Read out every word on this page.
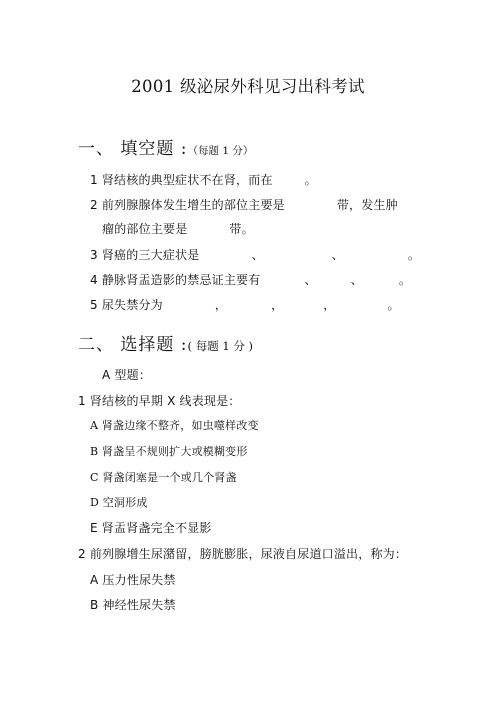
2001 级泌尿外科见习出科考试
一、 填空题 :（每题 1 分）
1 肾结核的典型症状不在肾，而在	。
2 前列腺腺体发生增生的部位主要是	带，发生肿
瘤的部位主要是	带。
3 肾癌的三大症状是	、	、	。
4 静脉肾盂造影的禁忌证主要有	、	、	。
5 尿失禁分为	，	，	，	。
二、 选择题 :( 每题 1 分 )
A 型题：
1 肾结核的早期 X 线表现是：
A 肾盏边缘不整齐，如虫噬样改变
B 肾盏呈不规则扩大或模糊变形
C 肾盏闭塞是一个或几个肾盏
D 空洞形成
E 肾盂肾盏完全不显影
2 前列腺增生尿潴留，膀胱膨胀，尿液自尿道口溢出，称为：
A 压力性尿失禁
B 神经性尿失禁
